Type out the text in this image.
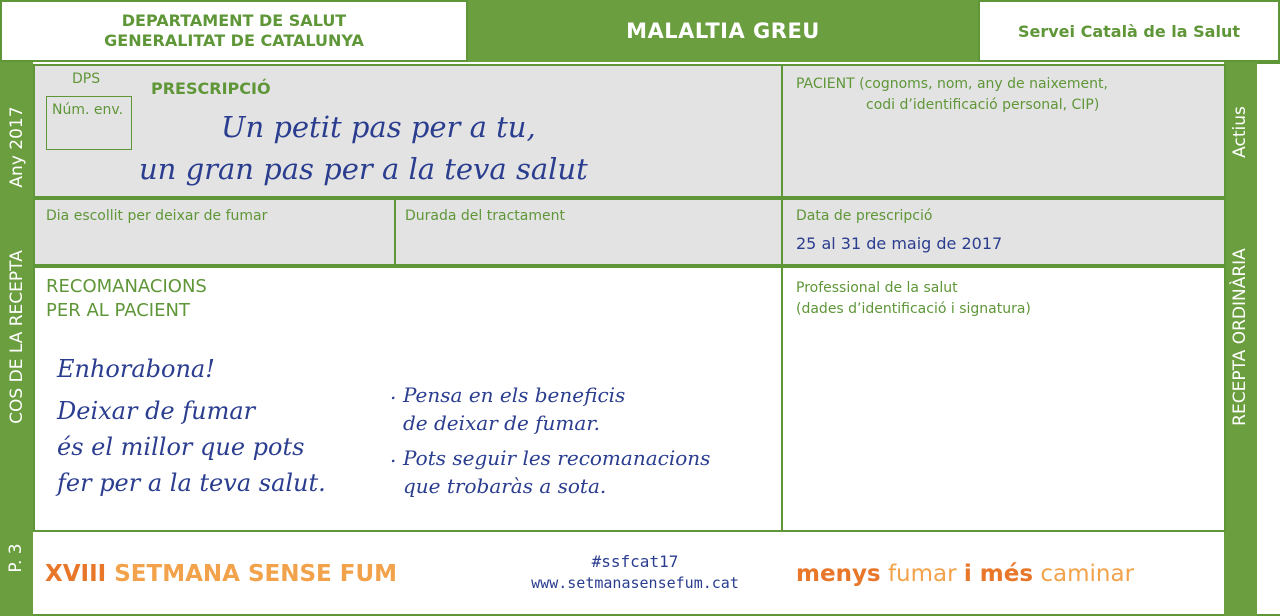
DEPARTAMENT DE SALUT
GENERALITAT DE CATALUNYA	MALALTIA GREU	Servei Català de la Salut
Any 2017
COS DE LA RECEPTA
P. 3
Actius
RECEPTA ORDINÀRIA
DPS
Núm. env.
PRESCRIPCIÓ
Un petit pas per a tu,
un gran pas per a la teva salut
PACIENT (cognoms, nom, any de naixement,
codi d’identificació personal, CIP)
Dia escollit per deixar de fumar	Durada del tractament	Data de prescripció
25 al 31 de maig de 2017
RECOMANACIONS
PER AL PACIENT
Enhorabona!
Deixar de fumar
és el millor que pots
fer per a la teva salut.
. Pensa en els beneficis
de deixar de fumar.
. Pots seguir les recomanacions
que trobaràs a sota.
Professional de la salut
(dades d’identificació i signatura)
XVIII SETMANA SENSE FUM	#ssfcat17
www.setmanasensefum.cat	menys fumar i més caminar
